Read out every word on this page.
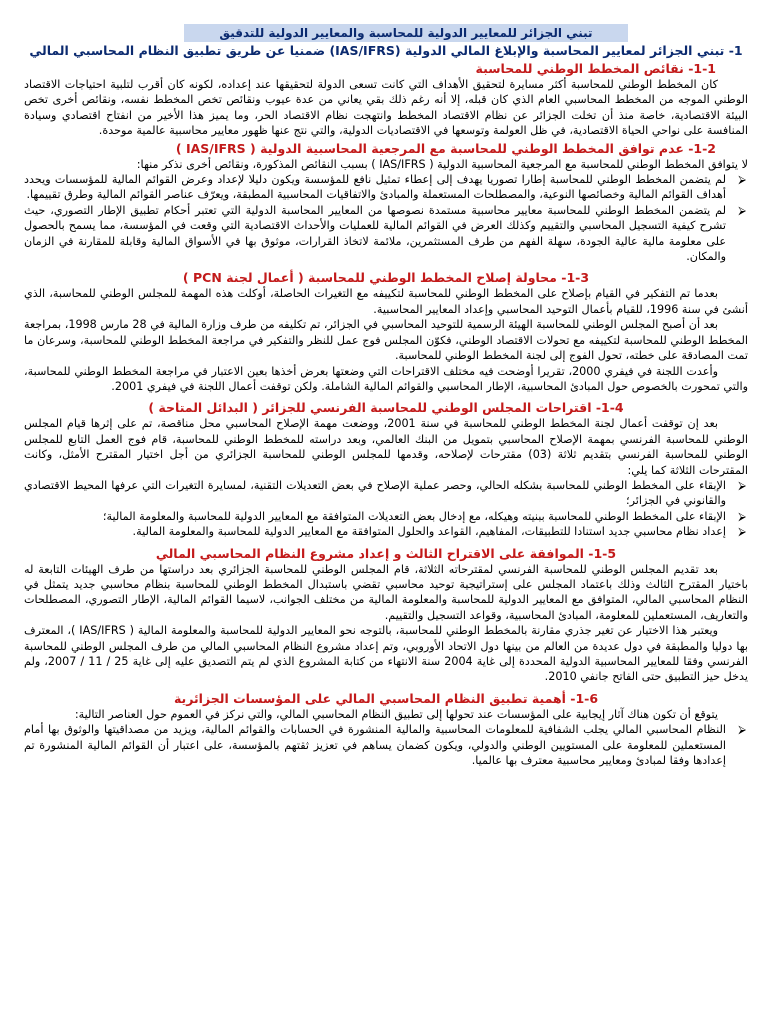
تبني الجزائر للمعايير الدولية للمحاسبة والمعايير الدولية للتدقيق
1- تبني الجزائر لمعايير المحاسبة والإبلاغ المالي الدولية (IAS/IFRS) ضمنيا عن طريق تطبيق النظام المحاسبي المالي
1-1- نقائص المخطط الوطني للمحاسبة

كان المخطط الوطني للمحاسبة أكثر مسايرة لتحقيق الأهداف التي كانت تسعى الدولة لتحقيقها عند إعداده، لكونه كان أقرب لتلبية احتياجات الاقتصاد الوطني الموجه من المخطط المحاسبي العام الذي كان قبله، إلا أنه رغم ذلك بقي يعاني من عدة عيوب ونقائص تخص المخطط نفسه، ونقائص أخرى تخص البيئة الاقتصادية، خاصة منذ أن تخلت الجزائر عن نظام الاقتصاد المخطط وانتهجت نظام الاقتصاد الحر، وما يميز هذا الأخير من انفتاح اقتصادي وسيادة المنافسة على نواحي الحياة الاقتصادية، في ظل العولمة وتوسعها في الاقتصاديات الدولية، والتي نتج عنها ظهور معايير محاسبية عالمية موحدة.

1-2- عدم توافق المخطط الوطني للمحاسبة مع المرجعية المحاسبية الدولية ( IAS/IFRS )

لا يتوافق المخطط الوطني للمحاسبة مع المرجعية المحاسبية الدولية ( IAS/IFRS ) بسبب النقائص المذكورة، ونقائص أخرى نذكر منها:

⮚
لم يتضمن المخطط الوطني للمحاسبة إطارا تصوريا يهدف إلى إعطاء تمثيل نافع للمؤسسة ويكون دليلا لإعداد وعرض القوائم المالية للمؤسسات ويحدد أهداف القوائم المالية وخصائصها النوعية، والمصطلحات المستعملة والمبادئ والاتفاقيات المحاسبية المطبقة، ويعرّف عناصر القوائم المالية وطرق تقييمها.
⮚
لم يتضمن المخطط الوطني للمحاسبة معايير محاسبية مستمدة نصوصها من المعايير المحاسبة الدولية التي تعتبر أحكام تطبيق الإطار التصوري، حيث تشرح كيفية التسجيل المحاسبي والتقييم وكذلك العرض في القوائم المالية للعمليات والأحداث الاقتصادية التي وقعت في المؤسسة، مما يسمح بالحصول على معلومة مالية عالية الجودة، سهلة الفهم من طرف المستثمرين، ملائمة لاتخاذ القرارات، موثوق بها في الأسواق المالية وقابلة للمقارنة في الزمان والمكان.
1-3- محاولة إصلاح المخطط الوطني للمحاسبة ( أعمال لجنة PCN )

بعدما تم التفكير في القيام بإصلاح على المخطط الوطني للمحاسبة لتكييفه مع التغيرات الحاصلة، أوكلت هذه المهمة للمجلس الوطني للمحاسبة، الذي أنشئ في سنة 1996، للقيام بأعمال التوحيد المحاسبي وإعداد المعايير المحاسبية.

بعد أن أصبح المجلس الوطني للمحاسبة الهيئة الرسمية للتوحيد المحاسبي في الجزائر، تم تكليفه من طرف وزارة المالية في 28 مارس 1998، بمراجعة المخطط الوطني للمحاسبة لتكييفه مع تحولات الاقتصاد الوطني، فكوّن المجلس فوج عمل للنظر والتفكير في مراجعة المخطط الوطني للمحاسبة، وسرعان ما تمت المصادقة على خطته، تحول الفوج إلى لجنة المخطط الوطني للمحاسبة.

وأعدت اللجنة في فيفري 2000، تقريرا أوضحت فيه مختلف الاقتراحات التي وضعتها بعرض أخذها بعين الاعتبار في مراجعة المخطط الوطني للمحاسبة، والتي تمحورت بالخصوص حول المبادئ المحاسبية، الإطار المحاسبي والقوائم المالية الشاملة. ولكن توقفت أعمال اللجنة في فيفري 2001.

1-4- اقتراحات المجلس الوطني للمحاسبة الفرنسي للجزائر ( البدائل المتاحة )

بعد إن توقفت أعمال لجنة المخطط الوطني للمحاسبة في سنة 2001، ووضعت مهمة الإصلاح المحاسبي محل مناقصة، تم على إثرها قيام المجلس الوطني للمحاسبة الفرنسي بمهمة الإصلاح المحاسبي بتمويل من البنك العالمي، وبعد دراسته للمخطط الوطني للمحاسبة، قام فوج العمل التابع للمجلس الوطني للمحاسبة الفرنسي بتقديم ثلاثة (03) مقترحات لإصلاحه، وقدمها للمجلس الوطني للمحاسبة الجزائري من أجل اختيار المقترح الأمثل، وكانت المقترحات الثلاثة كما يلي:

⮚
الإبقاء على المخطط الوطني للمحاسبة بشكله الحالي، وحصر عملية الإصلاح في بعض التعديلات التقنية، لمسايرة التغيرات التي عرفها المحيط الاقتصادي والقانوني في الجزائر؛
⮚
الإبقاء على المخطط الوطني للمحاسبة ببنيته وهيكله، مع إدخال بعض التعديلات المتوافقة مع المعايير الدولية للمحاسبة والمعلومة المالية؛
⮚
إعداد نظام محاسبي جديد استنادا للتطبيقات، المفاهيم، القواعد والحلول المتوافقة مع المعايير الدولية للمحاسبة والمعلومة المالية.
1-5- الموافقة على الاقتراح الثالث و إعداد مشروع النظام المحاسبي المالي

بعد تقديم المجلس الوطني للمحاسبة الفرنسي لمقترحاته الثلاثة، قام المجلس الوطني للمحاسبة الجزائري بعد دراستها من طرف الهيئات التابعة له باختيار المقترح الثالث وذلك باعتماد المجلس على إستراتيجية توحيد محاسبي تقضي باستبدال المخطط الوطني للمحاسبة بنظام محاسبي جديد يتمثل في النظام المحاسبي المالي، المتوافق مع المعايير الدولية للمحاسبة والمعلومة المالية من مختلف الجوانب، لاسيما القوائم المالية، الإطار التصوري، المصطلحات والتعاريف، المستعملين للمعلومة، المبادئ المحاسبية، وقواعد التسجيل والتقييم.

ويعتبر هذا الاختيار عن تغير جذري مقارنة بالمخطط الوطني للمحاسبة، بالتوجه نحو المعايير الدولية للمحاسبة والمعلومة المالية ( IAS/IFRS )، المعترف بها دوليا والمطبقة في دول عديدة من العالم من بينها دول الاتحاد الأوروبي، وتم إعداد مشروع النظام المحاسبي المالي من طرف المجلس الوطني للمحاسبة الفرنسي وفقا للمعايير المحاسبية الدولية المحددة إلى غاية 2004 سنة الانتهاء من كتابة المشروع الذي لم يتم التصديق عليه إلى غاية 25 / 11 / 2007، ولم يدخل حيز التطبيق حتى الفاتح جانفي 2010.

1-6- أهمية تطبيق النظام المحاسبي المالي على المؤسسات الجزائرية

يتوقع أن تكون هناك آثار إيجابية على المؤسسات عند تحولها إلى تطبيق النظام المحاسبي المالي، والتي نركز في العموم حول العناصر التالية:

⮚
النظام المحاسبي المالي يجلب الشفافية للمعلومات المحاسبية والمالية المنشورة في الحسابات والقوائم المالية، ويزيد من مصداقيتها والوثوق بها أمام المستعملين للمعلومة على المستويين الوطني والدولي، ويكون كضمان يساهم في تعزيز ثقتهم بالمؤسسة، على اعتبار أن القوائم المالية المنشورة تم إعدادها وفقا لمبادئ ومعايير محاسبية معترف بها عالميا.
